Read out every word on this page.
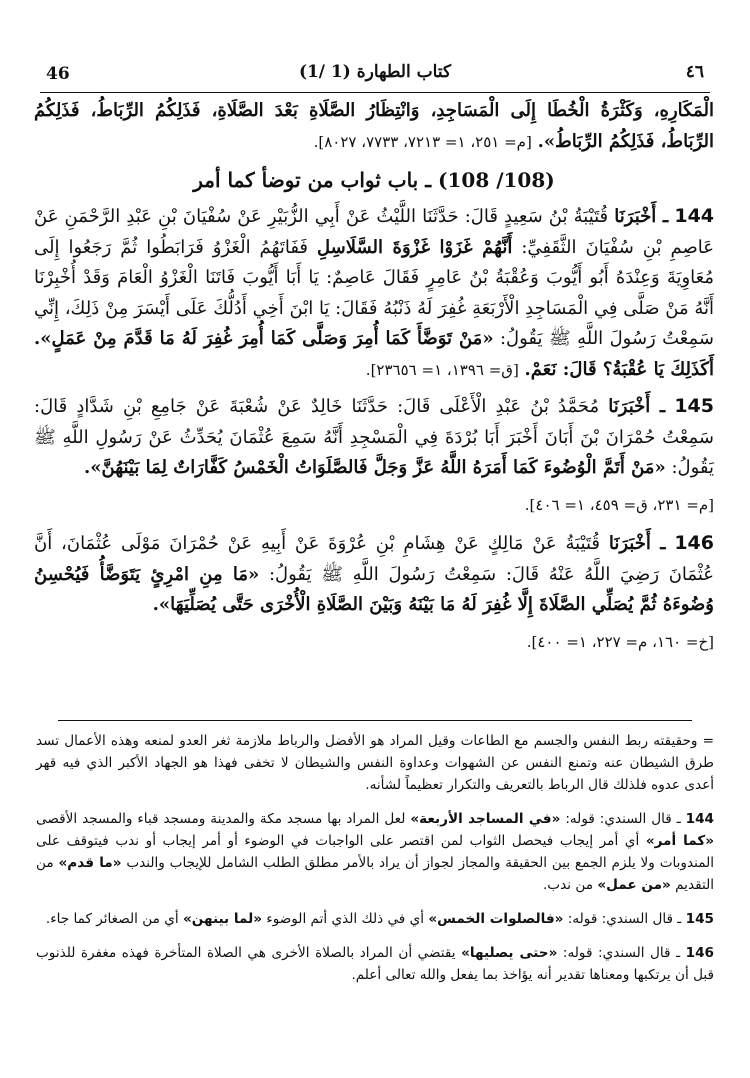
46	(1/ 1) كتاب الطهارة	٤٦

الْمَكَارِهِ، وَكَثْرَةُ الْخُطَا إِلَى الْمَسَاجِدِ، وَانْتِظَارُ الصَّلَاةِ بَعْدَ الصَّلَاةِ، فَذَلِكُمُ الرِّبَاطُ، فَذَلِكُمُ الرِّبَاطُ، فَذَلِكُمُ الرِّبَاطُ». [م= ٢٥١، ١= ٧٢١٣، ٧٧٣٣، ٨٠٢٧].

(108/ 108) ـ باب ثواب من توضأ كما أمر

144 ـ أَخْبَرَنَا قُتَيْبَةُ بْنُ سَعِيدٍ قَالَ: حَدَّثَنَا اللَّيْثُ عَنْ أَبِي الزُّبَيْرِ عَنْ سُفْيَانَ بْنِ عَبْدِ الرَّحْمَنِ عَنْ عَاصِمِ بْنِ سُفْيَانَ الثَّقَفِيِّ: أَنَّهُمْ غَزَوْا غَزْوَةَ السَّلَاسِلِ فَفَاتَهُمُ الْغَزْوُ فَرَابَطُوا ثُمَّ رَجَعُوا إِلَى مُعَاوِيَةَ وَعِنْدَهُ أَبُو أَيُّوبَ وَعُقْبَةُ بْنُ عَامِرٍ فَقَالَ عَاصِمٌ: يَا أَبَا أَيُّوبَ فَاتَنَا الْغَزْوُ الْعَامَ وَقَدْ أُخْبِرْنَا أَنَّهُ مَنْ صَلَّى فِي الْمَسَاجِدِ الْأَرْبَعَةِ غُفِرَ لَهُ ذَنْبُهُ فَقَالَ: يَا ابْنَ أَخِي أَدُلُّكَ عَلَى أَيْسَرَ مِنْ ذَلِكَ، إِنِّي سَمِعْتُ رَسُولَ اللَّهِ ﷺ يَقُولُ: «مَنْ تَوَضَّأَ كَمَا أُمِرَ وَصَلَّى كَمَا أُمِرَ غُفِرَ لَهُ مَا قَدَّمَ مِنْ عَمَلٍ». أَكَذَلِكَ يَا عُقْبَةُ؟ قَالَ: نَعَمْ. [ق= ١٣٩٦، ١= ٢٣٦٥٦].

145 ـ أَخْبَرَنَا مُحَمَّدُ بْنُ عَبْدِ الْأَعْلَى قَالَ: حَدَّثَنَا خَالِدٌ عَنْ شُعْبَةَ عَنْ جَامِعِ بْنِ شَدَّادٍ قَالَ: سَمِعْتُ حُمْرَانَ بْنَ أَبَانَ أَخْبَرَ أَبَا بُرْدَةَ فِي الْمَسْجِدِ أَنَّهُ سَمِعَ عُثْمَانَ يُحَدِّثُ عَنْ رَسُولِ اللَّهِ ﷺ يَقُولُ: «مَنْ أَتَمَّ الْوُضُوءَ كَمَا أَمَرَهُ اللَّهُ عَزَّ وَجَلَّ فَالصَّلَوَاتُ الْخَمْسُ كَفَّارَاتٌ لِمَا بَيْنَهُنَّ».

[م= ٢٣١، ق= ٤٥٩، ١= ٤٠٦].

146 ـ أَخْبَرَنَا قُتَيْبَةُ عَنْ مَالِكٍ عَنْ هِشَامِ بْنِ عُرْوَةَ عَنْ أَبِيهِ عَنْ حُمْرَانَ مَوْلَى عُثْمَانَ، أَنَّ عُثْمَانَ رَضِيَ اللَّهُ عَنْهُ قَالَ: سَمِعْتُ رَسُولَ اللَّهِ ﷺ يَقُولُ: «مَا مِنِ امْرِئٍ يَتَوَضَّأُ فَيُحْسِنُ وُضُوءَهُ ثُمَّ يُصَلِّي الصَّلَاةَ إِلَّا غُفِرَ لَهُ مَا بَيْنَهُ وَبَيْنَ الصَّلَاةِ الْأُخْرَى حَتَّى يُصَلِّيَهَا».

[خ= ١٦٠، م= ٢٢٧، ١= ٤٠٠].

= وحقيقته ربط النفس والجسم مع الطاعات وقيل المراد هو الأفضل والرباط ملازمة ثغر العدو لمنعه وهذه الأعمال تسد طرق الشيطان عنه وتمنع النفس عن الشهوات وعداوة النفس والشيطان لا تخفى فهذا هو الجهاد الأكبر الذي فيه قهر أعدى عدوه فلذلك قال الرباط بالتعريف والتكرار تعظيماً لشأنه.

144 ـ قال السندي: قوله: «في المساجد الأربعة» لعل المراد بها مسجد مكة والمدينة ومسجد قباء والمسجد الأقصى «كما أمر» أي أمر إيجاب فيحصل الثواب لمن اقتصر على الواجبات في الوضوء أو أمر إيجاب أو ندب فيتوقف على المندوبات ولا يلزم الجمع بين الحقيقة والمجاز لجواز أن يراد بالأمر مطلق الطلب الشامل للإيجاب والندب «ما قدم» من التقديم «من عمل» من ندب.

145 ـ قال السندي: قوله: «فالصلوات الخمس» أي في ذلك الذي أتم الوضوء «لما بينهن» أي من الصغائر كما جاء.

146 ـ قال السندي: قوله: «حتى يصليها» يقتضي أن المراد بالصلاة الأخرى هي الصلاة المتأخرة فهذه مغفرة للذنوب قبل أن يرتكبها ومعناها تقدير أنه يؤاخذ بما يفعل والله تعالى أعلم.
